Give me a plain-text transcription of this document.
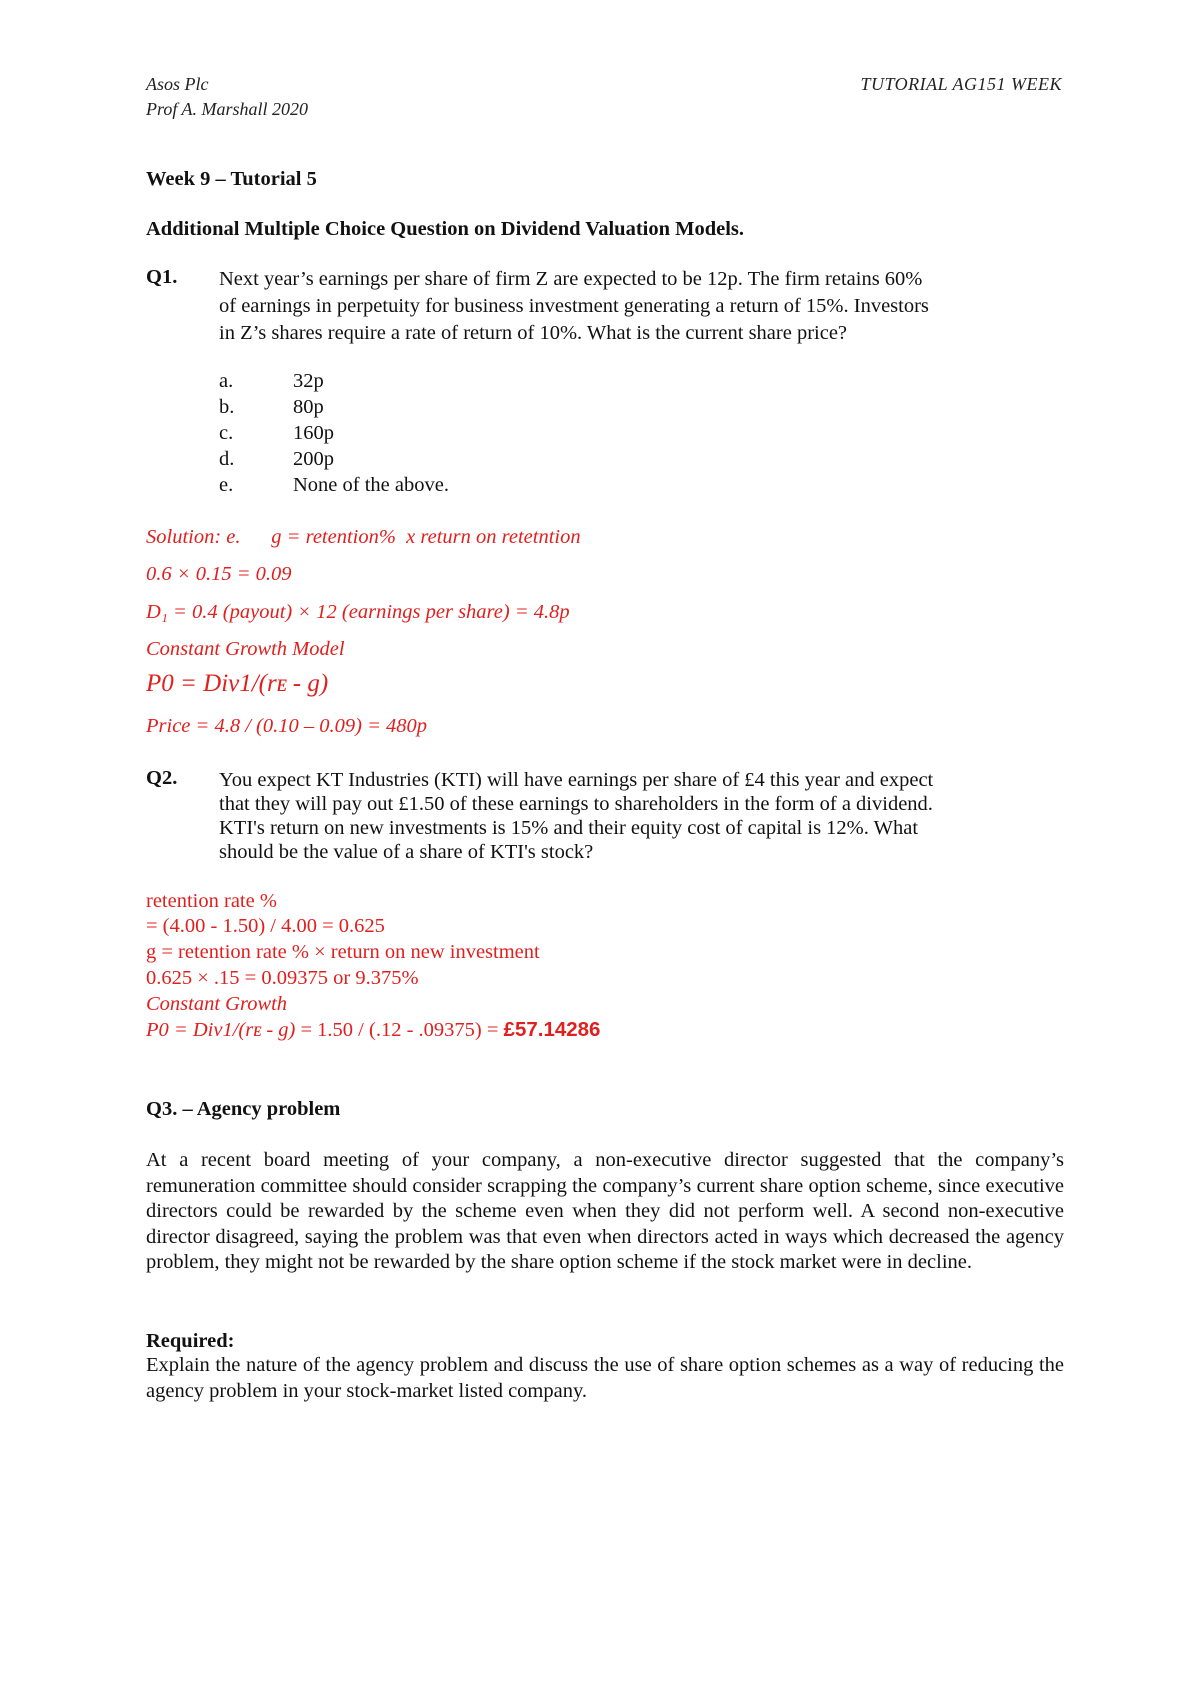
Asos Plc
Prof A. Marshall 2020
TUTORIAL AG151 WEEK
Week 9 – Tutorial 5
Additional Multiple Choice Question on Dividend Valuation Models.
Q1. Next year’s earnings per share of firm Z are expected to be 12p. The firm retains 60%
of earnings in perpetuity for business investment generating a return of 15%. Investors
in Z’s shares require a rate of return of 10%. What is the current share price?
a.	32p
b.	80p
c.	160p
d.	200p
e.	None of the above.
Solution: e.      g = retention%  x return on retetntion
0.6 × 0.15 = 0.09
D₁ = 0.4 (payout) × 12 (earnings per share) = 4.8p
Constant Growth Model
P0 = Div1/(rᴇ - g)
Price = 4.8 / (0.10 – 0.09) = 480p
Q2. You expect KT Industries (KTI) will have earnings per share of £4 this year and expect
that they will pay out £1.50 of these earnings to shareholders in the form of a dividend.
KTI's return on new investments is 15% and their equity cost of capital is 12%. What
should be the value of a share of KTI's stock?
retention rate %
= (4.00 - 1.50) / 4.00 = 0.625
g = retention rate % × return on new investment
0.625 × .15 = 0.09375 or 9.375%
Constant Growth
P0 = Div1/(rᴇ - g) = 1.50 / (.12 - .09375) = £57.14286
Q3. – Agency problem
At a recent board meeting of your company, a non-executive director suggested that the company’s remuneration committee should consider scrapping the company’s current share option scheme, since executive directors could be rewarded by the scheme even when they did not perform well. A second non-executive director disagreed, saying the problem was that even when directors acted in ways which decreased the agency problem, they might not be rewarded by the share option scheme if the stock market were in decline.
Required:
Explain the nature of the agency problem and discuss the use of share option schemes as a way of reducing the agency problem in your stock-market listed company.
